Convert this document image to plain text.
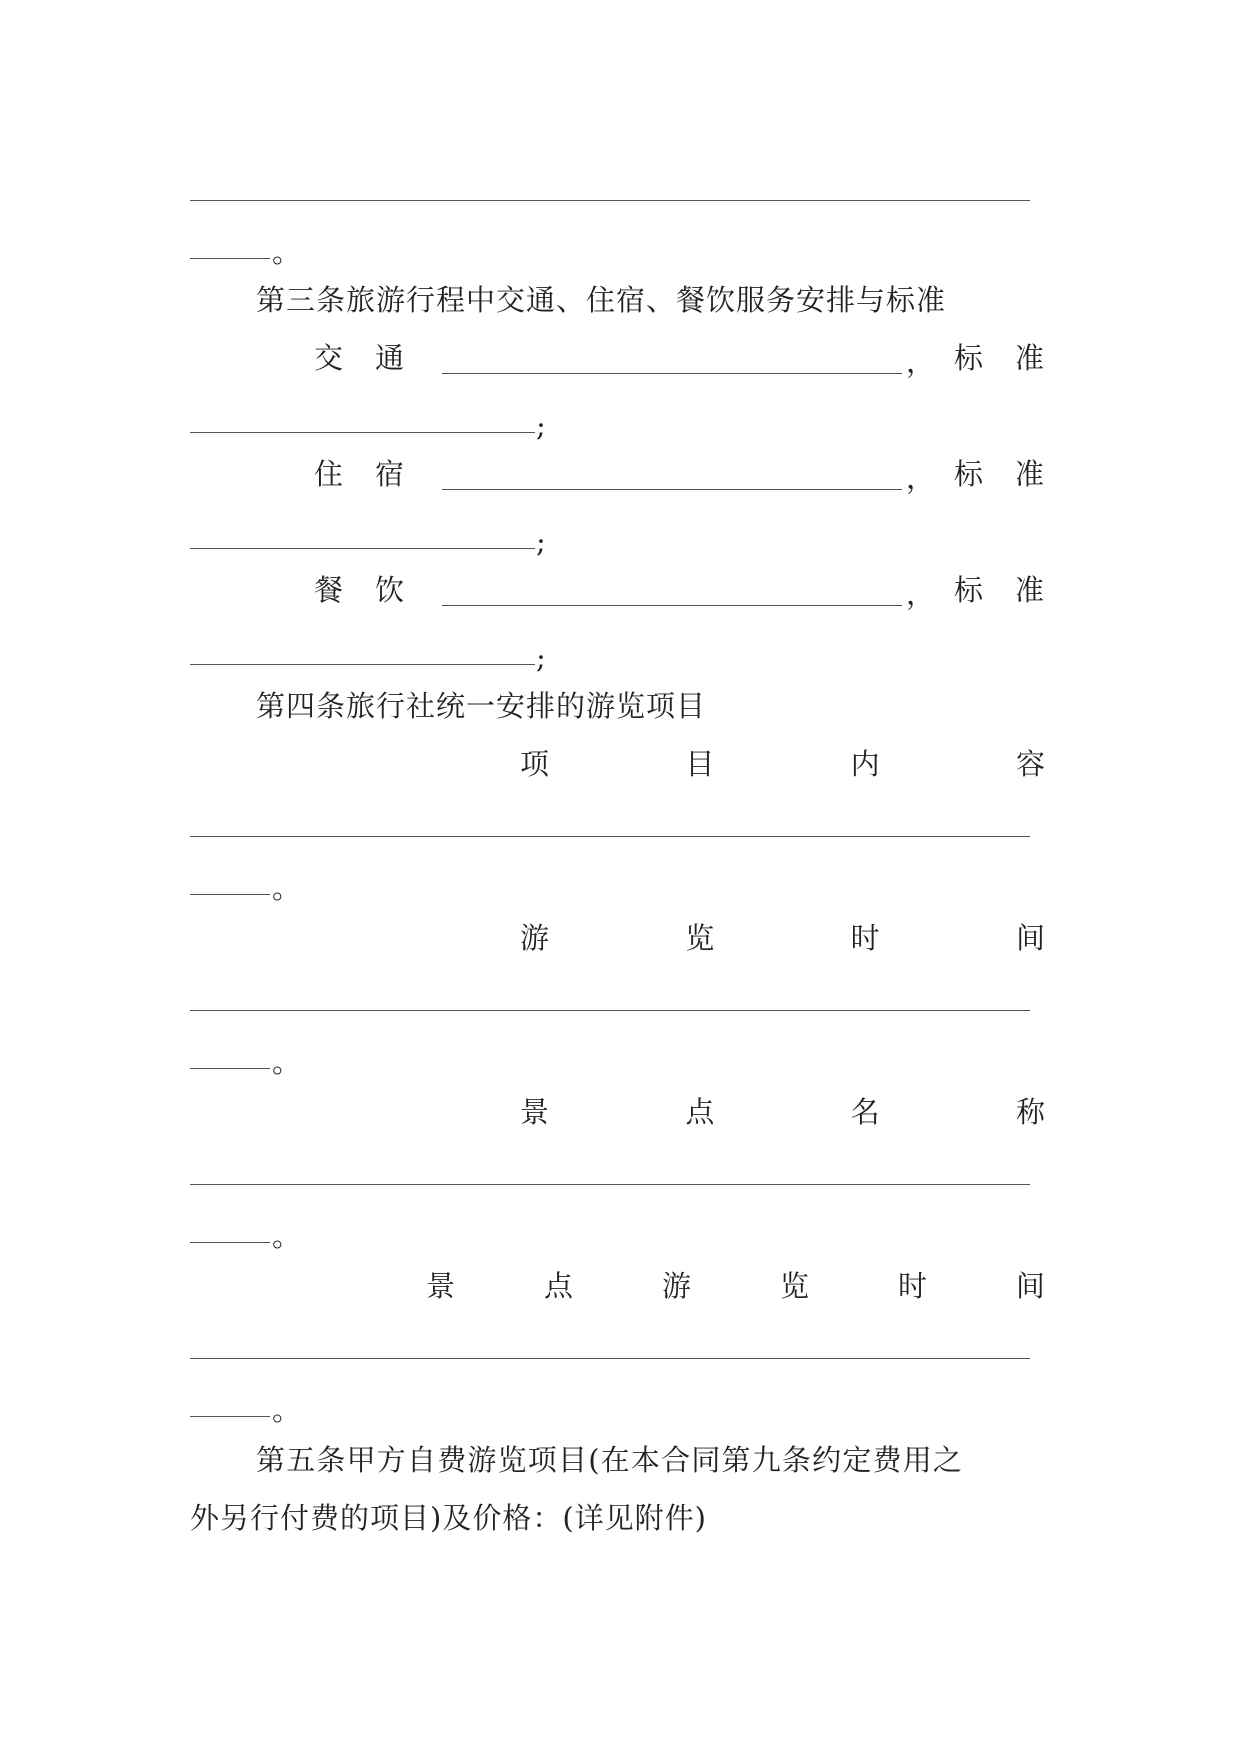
。
第三条旅游行程中交通、住宿、餐饮服务安排与标准
交 通	， 标 准
;
住 宿	， 标 准
;
餐 饮	， 标 准
;
第四条旅行社统一安排的游览项目
项	目	内	容
。
游	览	时	间
。
景	点	名	称
。
景	点	游	览	时	间
。
第五条甲方自费游览项目(在本合同第九条约定费用之
外另行付费的项目)及价格：(详见附件)
